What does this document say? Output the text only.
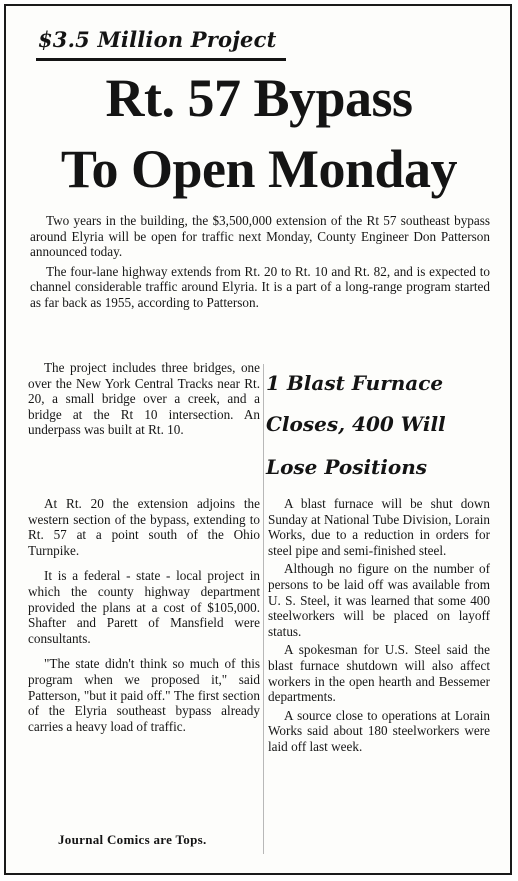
$3.5 Million Project
Rt. 57 Bypass
To Open Monday

Two years in the building, the $3,500,000 extension of the Rt 57 southeast bypass around Elyria will be open for traffic next Monday, County Engineer Don Patterson announced today.

The four-lane highway extends from Rt. 20 to Rt. 10 and Rt. 82, and is expected to channel considerable traffic around Elyria. It is a part of a long-range program started as far back as 1955, according to Patterson.

The project includes three bridges, one over the New York Central Tracks near Rt. 20, a small bridge over a creek, and a bridge at the Rt 10 intersection. An underpass was built at Rt. 10.

At Rt. 20 the extension adjoins the western section of the bypass, extending to Rt. 57 at a point south of the Ohio Turnpike.

It is a federal - state - local project in which the county highway department provided the plans at a cost of $105,000. Shafter and Parett of Mansfield were consultants.

"The state didn't think so much of this program when we proposed it," said Patterson, "but it paid off." The first section of the Elyria southeast bypass already carries a heavy load of traffic.

1 Blast Furnace
Closes, 400 Will
Lose Positions

A blast furnace will be shut down Sunday at National Tube Division, Lorain Works, due to a reduction in orders for steel pipe and semi-finished steel.

Although no figure on the number of persons to be laid off was available from U. S. Steel, it was learned that some 400 steelworkers will be placed on layoff status.

A spokesman for U.S. Steel said the blast furnace shutdown will also affect workers in the open hearth and Bessemer departments.

A source close to operations at Lorain Works said about 180 steelworkers were laid off last week.

Journal Comics are Tops.
